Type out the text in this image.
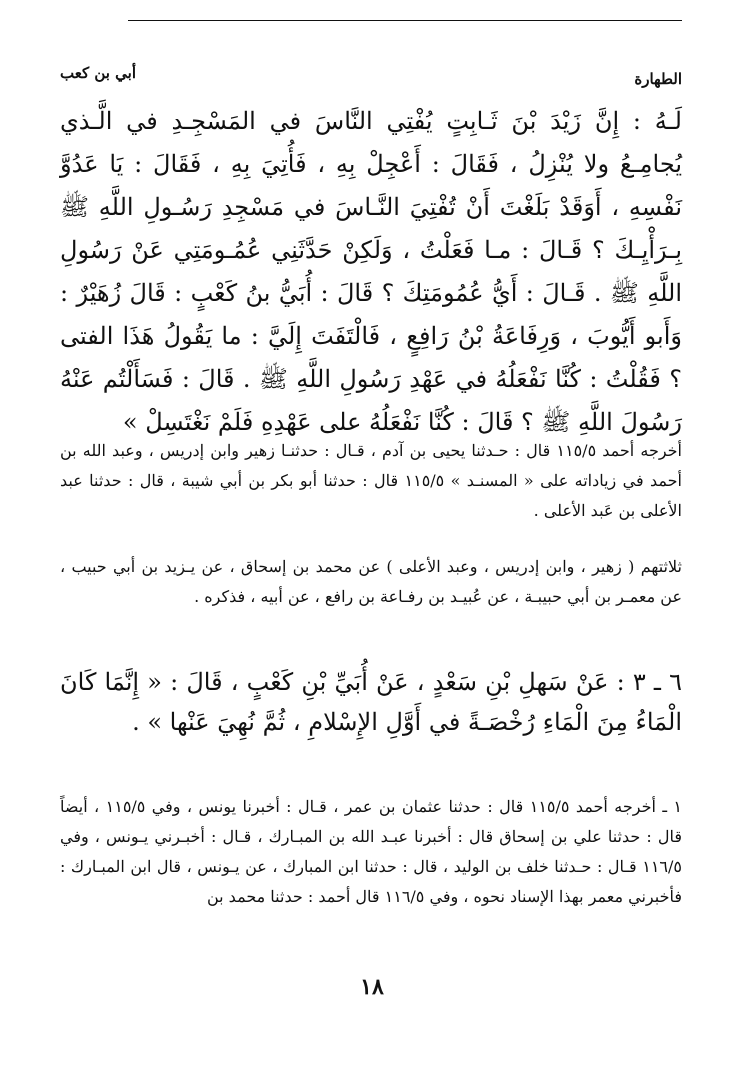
الطهارة
أبي بن كعب
لَـهُ : إِنَّ زَيْدَ بْنَ ثَـابِتٍ يُفْتِي النَّاسَ في المَسْجِـدِ في الَّـذي يُجامِـعُ ولا يُنْزِلُ ، فَقَالَ : أَعْجِلْ بِهِ ، فَأُتِيَ بِهِ ، فَقَالَ : يَا عَدُوَّ نَفْسِهِ ، أَوَقَدْ بَلَغْتَ أَنْ تُفْتِيَ النَّـاسَ في مَسْجِدِ رَسُـولِ اللَّهِ ﷺ بِـرَأْيِـكَ ؟ قَـالَ : مـا فَعَلْتُ ، وَلَكِنْ حَدَّثَنِي عُمُـومَتِي عَنْ رَسُولِ اللَّهِ ﷺ . قَـالَ : أَيُّ عُمُومَتِكَ ؟ قَالَ : أُبَيُّ بنُ كَعْبٍ : قَالَ زُهَيْرٌ : وَأَبو أَيُّوبَ ، وَرِفَاعَةُ بْنُ رَافِعٍ ، فَالْتَفَتَ إِلَيَّ : ما يَقُولُ هَذَا الفتى ؟ فَقُلْتُ : كُنَّا نَفْعَلُهُ في عَهْدِ رَسُولِ اللَّهِ ﷺ . قَالَ : فَسَأَلْتُم عَنْهُ رَسُولَ اللَّهِ ﷺ ؟ قَالَ : كُنَّا نَفْعَلُهُ على عَهْدِهِ فَلَمْ نَغْتَسِلْ »

أخرجه أحمد ١١٥/٥ قال : حـدثنا يحيى بن آدم ، قـال : حدثنـا زهير وابن إدريس ، وعبد الله بن أحمد في زياداته على « المسنـد » ١١٥/٥ قال : حدثنا أبو بكر بن أبي شيبة ، قال : حدثنا عبد الأعلى بن عَبد الأعلى .

ثلاثتهم ( زهير ، وابن إدريس ، وعبد الأعلى ) عن محمد بن إسحاق ، عن يـزيد بن أبي حبيب ، عن معمـر بن أبي حبيبـة ، عن عُبيـد بن رفـاعة بن رافع ، عن أبيه ، فذكره .

٦ ـ ٣ : عَنْ سَهلِ بْنِ سَعْدٍ ، عَنْ أُبَيِّ بْنِ كَعْبٍ ، قَالَ : « إِنَّمَا كَانَ الْمَاءُ مِنَ الْمَاءِ رُخْصَـةً في أَوَّلِ الإِسْلامِ ، ثُمَّ نُهِيَ عَنْها » .

١ ـ أخرجه أحمد ١١٥/٥ قال : حدثنا عثمان بن عمر ، قـال : أخبرنا يونس ، وفي ١١٥/٥ ، أيضاً قال : حدثنا علي بن إسحاق قال : أخبرنا عبـد الله بن المبـارك ، قـال : أخبـرني يـونس ، وفي ١١٦/٥ قـال : حـدثنا خلف بن الوليد ، قال : حدثنا ابن المبارك ، عن يـونس ، قال ابن المبـارك : فأخبرني معمر بهذا الإسناد نحوه ، وفي ١١٦/٥ قال أحمد : حدثنا محمد بن

١٨
